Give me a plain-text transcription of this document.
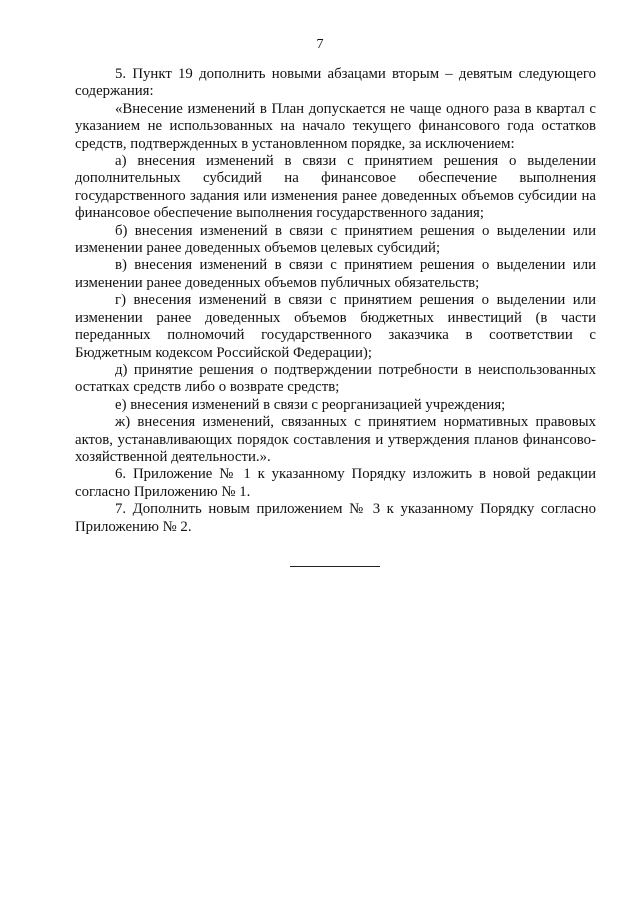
7

5. Пункт 19 дополнить новыми абзацами вторым – девятым следующего содержания:

«Внесение изменений в План допускается не чаще одного раза в квартал с указанием не использованных на начало текущего финансового года остатков средств, подтвержденных в установленном порядке, за исключением:

а) внесения изменений в связи с принятием решения о выделении дополнительных субсидий на финансовое обеспечение выполнения государственного задания или изменения ранее доведенных объемов субсидии на финансовое обеспечение выполнения государственного задания;

б) внесения изменений в связи с принятием решения о выделении или изменении ранее доведенных объемов целевых субсидий;

в) внесения изменений в связи с принятием решения о выделении или изменении ранее доведенных объемов публичных обязательств;

г) внесения изменений в связи с принятием решения о выделении или изменении ранее доведенных объемов бюджетных инвестиций (в части переданных полномочий государственного заказчика в соответствии с Бюджетным кодексом Российской Федерации);

д) принятие решения о подтверждении потребности в неиспользованных остатках средств либо о возврате средств;

е) внесения изменений в связи с реорганизацией учреждения;

ж) внесения изменений, связанных с принятием нормативных правовых актов, устанавливающих порядок составления и утверждения планов финансово-хозяйственной деятельности.».

6. Приложение № 1 к указанному Порядку изложить в новой редакции согласно Приложению № 1.

7. Дополнить новым приложением № 3 к указанному Порядку согласно Приложению № 2.
